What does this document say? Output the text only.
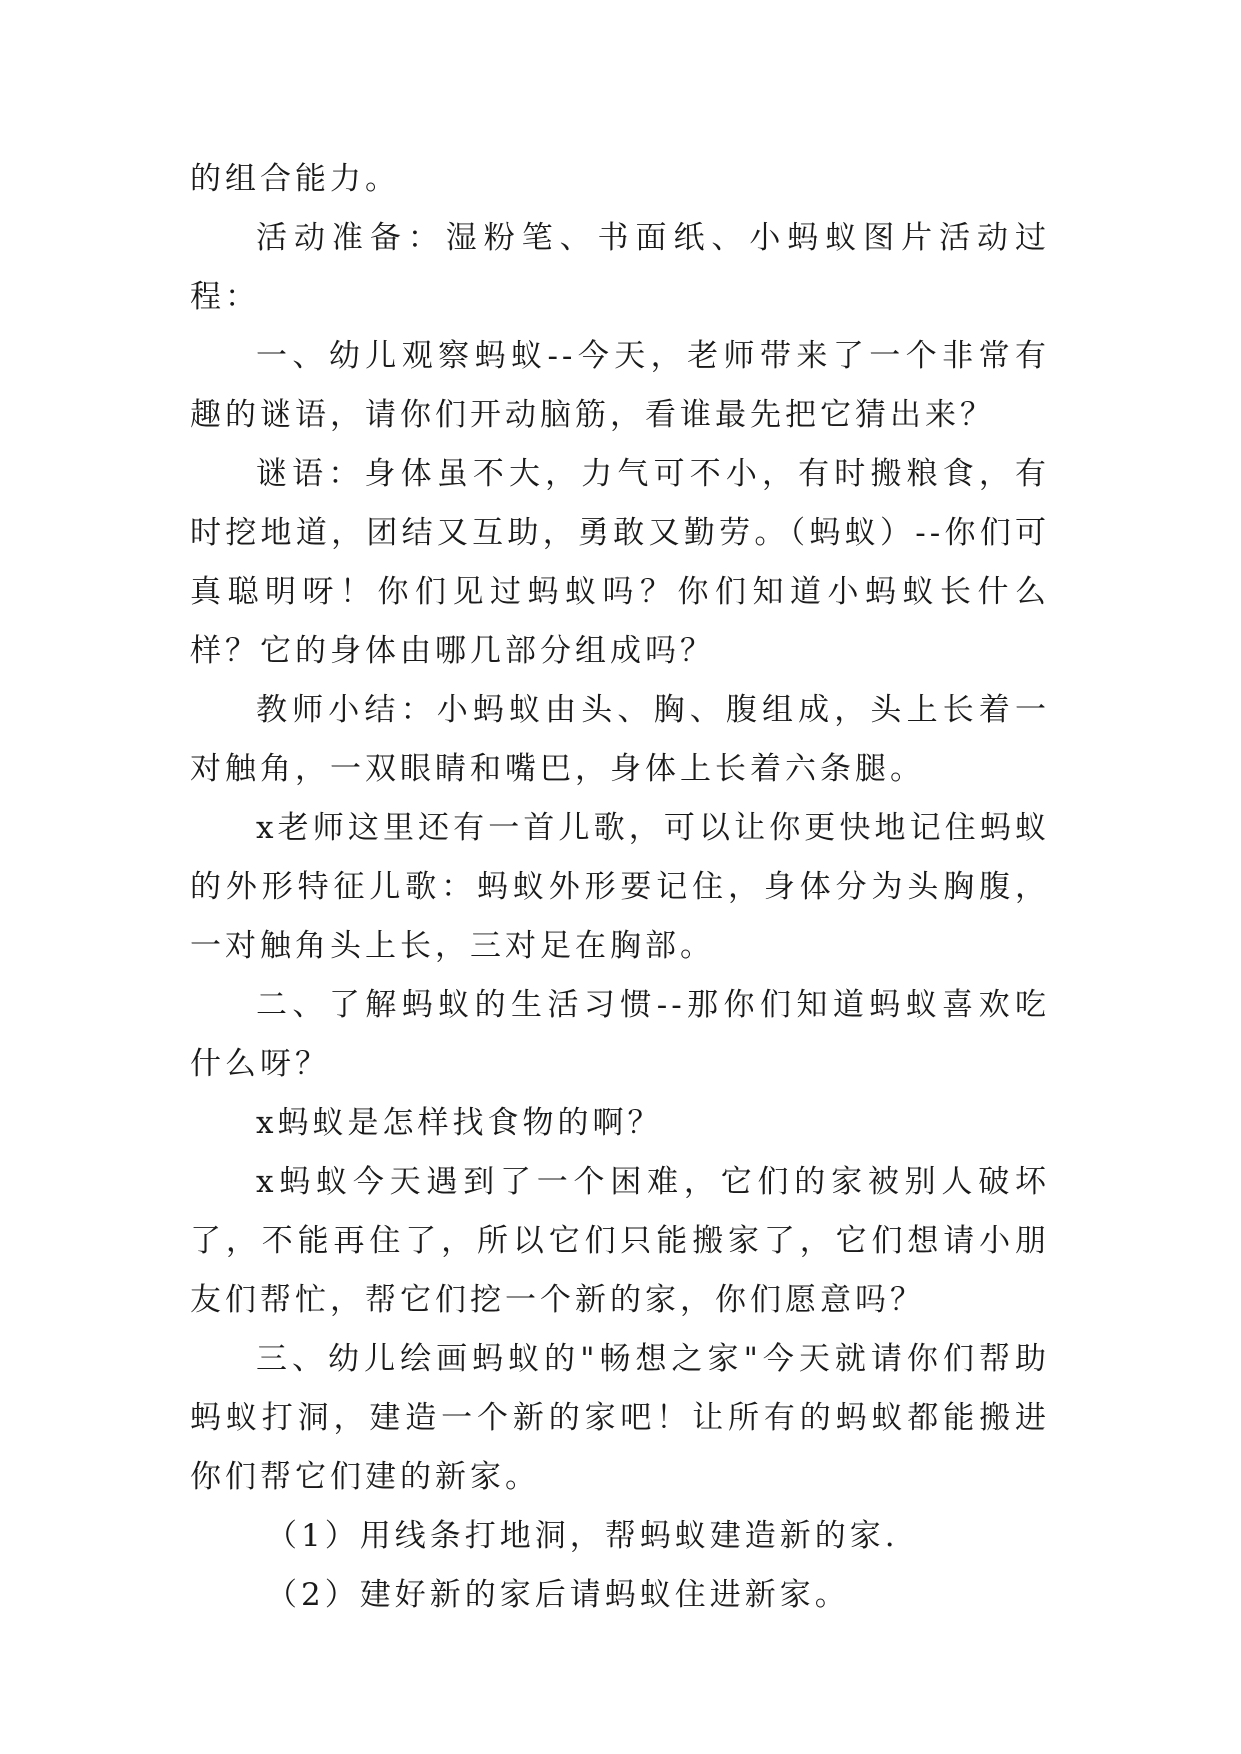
的组合能力。

活动准备：湿粉笔、书面纸、小蚂蚁图片活动过程：

一、幼儿观察蚂蚁--今天，老师带来了一个非常有趣的谜语，请你们开动脑筋，看谁最先把它猜出来？

谜语：身体虽不大，力气可不小，有时搬粮食，有时挖地道，团结又互助，勇敢又勤劳。（蚂蚁）--你们可真聪明呀！你们见过蚂蚁吗？你们知道小蚂蚁长什么样？它的身体由哪几部分组成吗？

教师小结：小蚂蚁由头、胸、腹组成，头上长着一对触角，一双眼睛和嘴巴，身体上长着六条腿。

x老师这里还有一首儿歌，可以让你更快地记住蚂蚁的外形特征儿歌：蚂蚁外形要记住，身体分为头胸腹，一对触角头上长，三对足在胸部。

二、了解蚂蚁的生活习惯--那你们知道蚂蚁喜欢吃什么呀？

x蚂蚁是怎样找食物的啊？

x蚂蚁今天遇到了一个困难，它们的家被别人破坏了，不能再住了，所以它们只能搬家了，它们想请小朋友们帮忙，帮它们挖一个新的家，你们愿意吗？

三、幼儿绘画蚂蚁的"畅想之家"今天就请你们帮助蚂蚁打洞，建造一个新的家吧！让所有的蚂蚁都能搬进你们帮它们建的新家。

（1）用线条打地洞，帮蚂蚁建造新的家.

（2）建好新的家后请蚂蚁住进新家。
